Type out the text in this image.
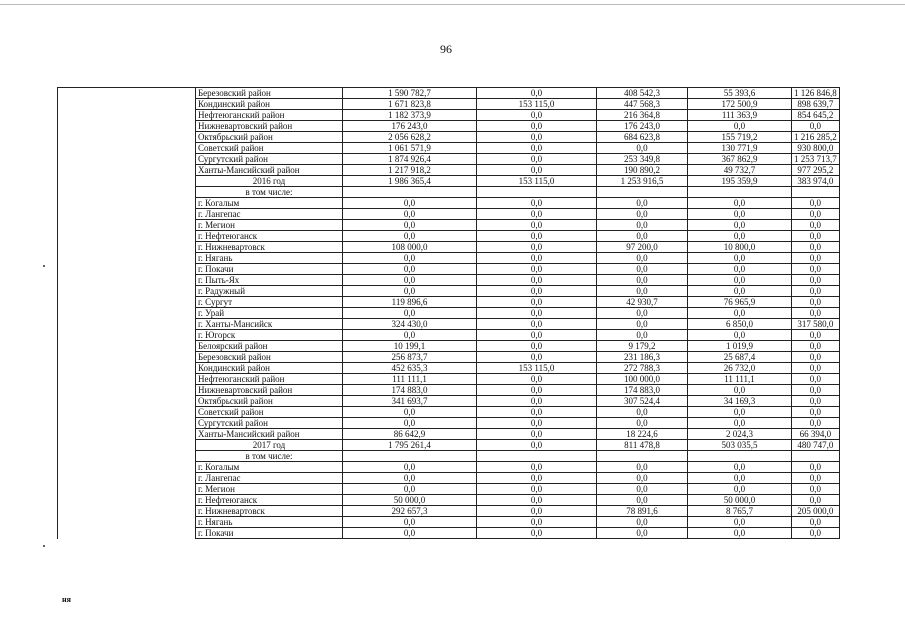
96
	Березовский район	1 590 782,7	0,0	408 542,3	55 393,6	1 126 846,8
	Кондинский район	1 671 823,8	153 115,0	447 568,3	172 500,9	898 639,7
	Нефтеюганский район	1 182 373,9	0,0	216 364,8	111 363,9	854 645,2
	Нижневартовский район	176 243,0	0,0	176 243,0	0,0	0,0
	Октябрьский район	2 056 628,2	0,0	684 623,8	155 719,2	1 216 285,2
	Советский район	1 061 571,9	0,0	0,0	130 771,9	930 800,0
	Сургутский район	1 874 926,4	0,0	253 349,8	367 862,9	1 253 713,7
	Ханты-Мансийский район	1 217 918,2	0,0	190 890,2	49 732,7	977 295,2
	2016 год	1 986 365,4	153 115,0	1 253 916,5	195 359,9	383 974,0
	в том числе:					
	г. Когалым	0,0	0,0	0,0	0,0	0,0
	г. Лангепас	0,0	0,0	0,0	0,0	0,0
	г. Мегион	0,0	0,0	0,0	0,0	0,0
	г. Нефтеюганск	0,0	0,0	0,0	0,0	0,0
	г. Нижневартовск	108 000,0	0,0	97 200,0	10 800,0	0,0
	г. Нягань	0,0	0,0	0,0	0,0	0,0
	г. Покачи	0,0	0,0	0,0	0,0	0,0
	г. Пыть-Ях	0,0	0,0	0,0	0,0	0,0
	г. Радужный	0,0	0,0	0,0	0,0	0,0
	г. Сургут	119 896,6	0,0	42 930,7	76 965,9	0,0
	г. Урай	0,0	0,0	0,0	0,0	0,0
	г. Ханты-Мансийск	324 430,0	0,0	0,0	6 850,0	317 580,0
	г. Югорск	0,0	0,0	0,0	0,0	0,0
	Белоярский район	10 199,1	0,0	9 179,2	1 019,9	0,0
	Березовский район	256 873,7	0,0	231 186,3	25 687,4	0,0
	Кондинский район	452 635,3	153 115,0	272 788,3	26 732,0	0,0
	Нефтеюганский район	111 111,1	0,0	100 000,0	11 111,1	0,0
	Нижневартовский район	174 883,0	0,0	174 883,0	0,0	0,0
	Октябрьский район	341 693,7	0,0	307 524,4	34 169,3	0,0
	Советский район	0,0	0,0	0,0	0,0	0,0
	Сургутский район	0,0	0,0	0,0	0,0	0,0
	Ханты-Мансийский район	86 642,9	0,0	18 224,6	2 024,3	66 394,0
	2017 год	1 795 261,4	0,0	811 478,8	503 035,5	480 747,0
	в том числе:					
	г. Когалым	0,0	0,0	0,0	0,0	0,0
	г. Лангепас	0,0	0,0	0,0	0,0	0,0
	г. Мегион	0,0	0,0	0,0	0,0	0,0
	г. Нефтеюганск	50 000,0	0,0	0,0	50 000,0	0,0
	г. Нижневартовск	292 657,3	0,0	78 891,6	8 765,7	205 000,0
	г. Нягань	0,0	0,0	0,0	0,0	0,0
	г. Покачи	0,0	0,0	0,0	0,0	0,0
ня
